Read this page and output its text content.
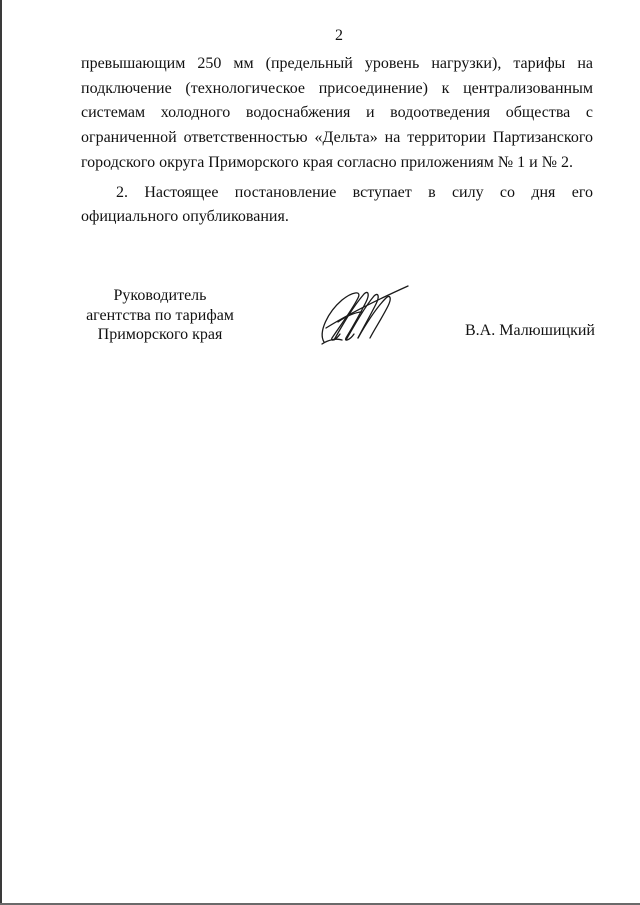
2

превышающим 250 мм (предельный уровень нагрузки), тарифы на подключение (технологическое присоединение) к централизованным системам холодного водоснабжения и водоотведения общества с ограниченной ответственностью «Дельта» на территории Партизанского городского округа Приморского края согласно приложениям № 1 и № 2.

2. Настоящее постановление вступает в силу со дня его официального опубликования.

Руководитель
агентства по тарифам
Приморского края	В.А. Малюшицкий
